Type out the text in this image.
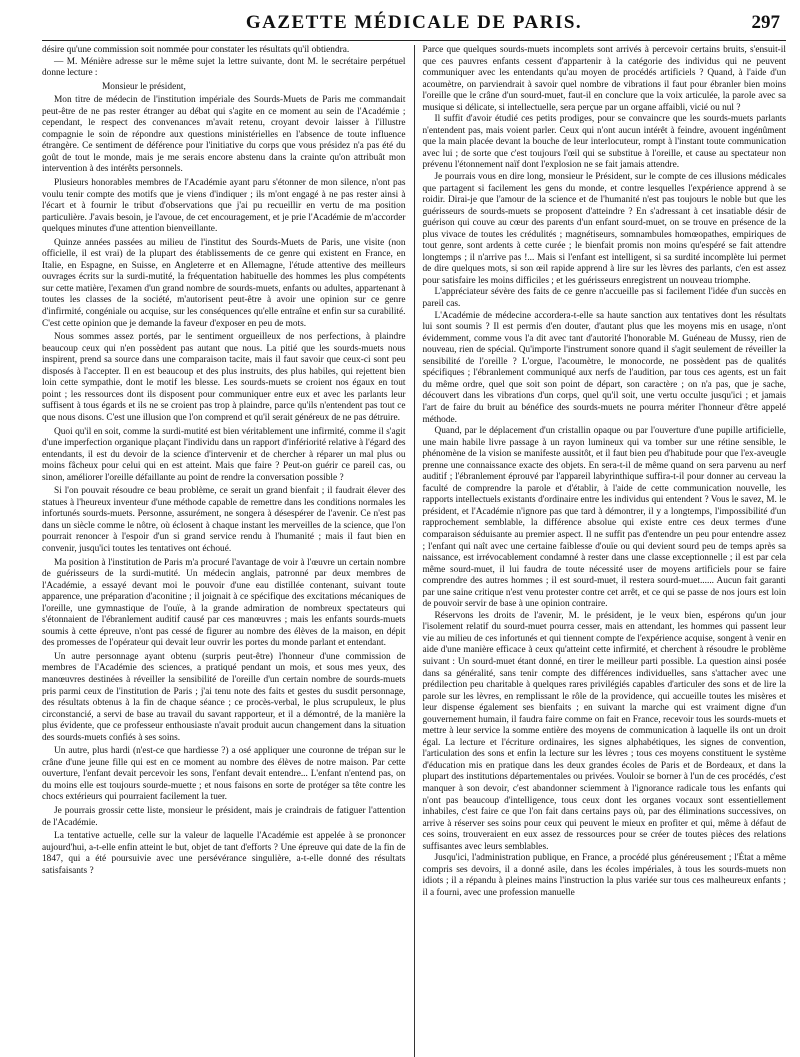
GAZETTE MÉDICALE DE PARIS.	297

désire qu'une commission soit nommée pour constater les résultats qu'il obtiendra.

— M. Ménière adresse sur le même sujet la lettre suivante, dont M. le secrétaire perpétuel donne lecture :

Monsieur le président,

Mon titre de médecin de l'institution impériale des Sourds-Muets de Paris me commandait peut-être de ne pas rester étranger au débat qui s'agite en ce moment au sein de l'Académie ; cependant, le respect des convenances m'avait retenu, croyant devoir laisser à l'illustre compagnie le soin de répondre aux questions ministérielles en l'absence de toute influence étrangère. Ce sentiment de déférence pour l'initiative du corps que vous présidez n'a pas été du goût de tout le monde, mais je me serais encore abstenu dans la crainte qu'on attribuât mon intervention à des intérêts personnels.

Plusieurs honorables membres de l'Académie ayant paru s'étonner de mon silence, n'ont pas voulu tenir compte des motifs que je viens d'indiquer ; ils m'ont engagé à ne pas rester ainsi à l'écart et à fournir le tribut d'observations que j'ai pu recueillir en vertu de ma position particulière. J'avais besoin, je l'avoue, de cet encouragement, et je prie l'Académie de m'accorder quelques minutes d'une attention bienveillante.

Quinze années passées au milieu de l'institut des Sourds-Muets de Paris, une visite (non officielle, il est vrai) de la plupart des établissements de ce genre qui existent en France, en Italie, en Espagne, en Suisse, en Angleterre et en Allemagne, l'étude attentive des meilleurs ouvrages écrits sur la surdi-mutité, la fréquentation habituelle des hommes les plus compétents sur cette matière, l'examen d'un grand nombre de sourds-muets, enfants ou adultes, appartenant à toutes les classes de la société, m'autorisent peut-être à avoir une opinion sur ce genre d'infirmité, congéniale ou acquise, sur les conséquences qu'elle entraîne et enfin sur sa curabilité. C'est cette opinion que je demande la faveur d'exposer en peu de mots.

Nous sommes assez portés, par le sentiment orgueilleux de nos perfections, à plaindre beaucoup ceux qui n'en possèdent pas autant que nous. La pitié que les sourds-muets nous inspirent, prend sa source dans une comparaison tacite, mais il faut savoir que ceux-ci sont peu disposés à l'accepter. Il en est beaucoup et des plus instruits, des plus habiles, qui rejettent bien loin cette sympathie, dont le motif les blesse. Les sourds-muets se croient nos égaux en tout point ; les ressources dont ils disposent pour communiquer entre eux et avec les parlants leur suffisent à tous égards et ils ne se croient pas trop à plaindre, parce qu'ils n'entendent pas tout ce que nous disons. C'est une illusion que l'on comprend et qu'il serait généreux de ne pas détruire.

Quoi qu'il en soit, comme la surdi-mutité est bien véritablement une infirmité, comme il s'agit d'une imperfection organique plaçant l'individu dans un rapport d'infériorité relative à l'égard des entendants, il est du devoir de la science d'intervenir et de chercher à réparer un mal plus ou moins fâcheux pour celui qui en est atteint. Mais que faire ? Peut-on guérir ce pareil cas, ou sinon, améliorer l'oreille défaillante au point de rendre la conversation possible ?

Si l'on pouvait résoudre ce beau problème, ce serait un grand bienfait ; il faudrait élever des statues à l'heureux inventeur d'une méthode capable de remettre dans les conditions normales les infortunés sourds-muets. Personne, assurément, ne songera à désespérer de l'avenir. Ce n'est pas dans un siècle comme le nôtre, où éclosent à chaque instant les merveilles de la science, que l'on pourrait renoncer à l'espoir d'un si grand service rendu à l'humanité ; mais il faut bien en convenir, jusqu'ici toutes les tentatives ont échoué.

Ma position à l'institution de Paris m'a procuré l'avantage de voir à l'œuvre un certain nombre de guérisseurs de la surdi-mutité. Un médecin anglais, patronné par deux membres de l'Académie, a essayé devant moi le pouvoir d'une eau distillée contenant, suivant toute apparence, une préparation d'aconitine ; il joignait à ce spécifique des excitations mécaniques de l'oreille, une gymnastique de l'ouïe, à la grande admiration de nombreux spectateurs qui s'étonnaient de l'ébranlement auditif causé par ces manœuvres ; mais les enfants sourds-muets soumis à cette épreuve, n'ont pas cessé de figurer au nombre des élèves de la maison, en dépit des promesses de l'opérateur qui devait leur ouvrir les portes du monde parlant et entendant.

Un autre personnage ayant obtenu (surpris peut-être) l'honneur d'une commission de membres de l'Académie des sciences, a pratiqué pendant un mois, et sous mes yeux, des manœuvres destinées à réveiller la sensibilité de l'oreille d'un certain nombre de sourds-muets pris parmi ceux de l'institution de Paris ; j'ai tenu note des faits et gestes du susdit personnage, des résultats obtenus à la fin de chaque séance ; ce procès-verbal, le plus scrupuleux, le plus circonstancié, a servi de base au travail du savant rapporteur, et il a démontré, de la manière la plus évidente, que ce professeur enthousiaste n'avait produit aucun changement dans la situation des sourds-muets confiés à ses soins.

Un autre, plus hardi (n'est-ce que hardiesse ?) a osé appliquer une couronne de trépan sur le crâne d'une jeune fille qui est en ce moment au nombre des élèves de notre maison. Par cette ouverture, l'enfant devait percevoir les sons, l'enfant devait entendre... L'enfant n'entend pas, on du moins elle est toujours sourde-muette ; et nous faisons en sorte de protéger sa tête contre les chocs extérieurs qui pourraient facilement la tuer.

Je pourrais grossir cette liste, monsieur le président, mais je craindrais de fatiguer l'attention de l'Académie.

La tentative actuelle, celle sur la valeur de laquelle l'Académie est appelée à se prononcer aujourd'hui, a-t-elle enfin atteint le but, objet de tant d'efforts ? Une épreuve qui date de la fin de 1847, qui a été poursuivie avec une persévérance singulière, a-t-elle donné des résultats satisfaisants ?

Parce que quelques sourds-muets incomplets sont arrivés à percevoir certains bruits, s'ensuit-il que ces pauvres enfants cessent d'appartenir à la catégorie des individus qui ne peuvent communiquer avec les entendants qu'au moyen de procédés artificiels ? Quand, à l'aide d'un acoumètre, on parviendrait à savoir quel nombre de vibrations il faut pour ébranler bien moins l'oreille que le crâne d'un sourd-muet, faut-il en conclure que la voix articulée, la parole avec sa musique si délicate, si intellectuelle, sera perçue par un organe affaibli, vicié ou nul ?

Il suffit d'avoir étudié ces petits prodiges, pour se convaincre que les sourds-muets parlants n'entendent pas, mais voient parler. Ceux qui n'ont aucun intérêt à feindre, avouent ingénûment que la main placée devant la bouche de leur interlocuteur, rompt à l'instant toute communication avec lui ; de sorte que c'est toujours l'œil qui se substitue à l'oreille, et cause au spectateur non prévenu l'étonnement naïf dont l'explosion ne se fait jamais attendre.

Je pourrais vous en dire long, monsieur le Président, sur le compte de ces illusions médicales que partagent si facilement les gens du monde, et contre lesquelles l'expérience apprend à se roidir. Dirai-je que l'amour de la science et de l'humanité n'est pas toujours le noble but que les guérisseurs de sourds-muets se proposent d'atteindre ? En s'adressant à cet insatiable désir de guérison qui couve au cœur des parents d'un enfant sourd-muet, on se trouve en présence de la plus vivace de toutes les crédulités ; magnétiseurs, somnambules homœopathes, empiriques de tout genre, sont ardents à cette curée ; le bienfait promis non moins qu'espéré se fait attendre longtemps ; il n'arrive pas !... Mais si l'enfant est intelligent, si sa surdité incomplète lui permet de dire quelques mots, si son œil rapide apprend à lire sur les lèvres des parlants, c'en est assez pour satisfaire les moins difficiles ; et les guérisseurs enregistrent un nouveau triomphe.

L'appréciateur sévère des faits de ce genre n'accueille pas si facilement l'idée d'un succès en pareil cas.

L'Académie de médecine accordera-t-elle sa haute sanction aux tentatives dont les résultats lui sont soumis ? Il est permis d'en douter, d'autant plus que les moyens mis en usage, n'ont évidemment, comme vous l'a dit avec tant d'autorité l'honorable M. Guéneau de Mussy, rien de nouveau, rien de spécial. Qu'importe l'instrument sonore quand il s'agit seulement de réveiller la sensibilité de l'oreille ? L'orgue, l'acoumètre, le monocorde, ne possèdent pas de qualités spécifiques ; l'ébranlement communiqué aux nerfs de l'audition, par tous ces agents, est un fait du même ordre, quel que soit son point de départ, son caractère ; on n'a pas, que je sache, découvert dans les vibrations d'un corps, quel qu'il soit, une vertu occulte jusqu'ici ; et jamais l'art de faire du bruit au bénéfice des sourds-muets ne pourra mériter l'honneur d'être appelé méthode.

Quand, par le déplacement d'un cristallin opaque ou par l'ouverture d'une pupille artificielle, une main habile livre passage à un rayon lumineux qui va tomber sur une rétine sensible, le phénomène de la vision se manifeste aussitôt, et il faut bien peu d'habitude pour que l'ex-aveugle prenne une connaissance exacte des objets. En sera-t-il de même quand on sera parvenu au nerf auditif ; l'ébranlement éprouvé par l'appareil labyrinthique suffira-t-il pour donner au cerveau la faculté de comprendre la parole et d'établir, à l'aide de cette communication nouvelle, les rapports intellectuels existants d'ordinaire entre les individus qui entendent ? Vous le savez, M. le président, et l'Académie n'ignore pas que tard à démontrer, il y a longtemps, l'impossibilité d'un rapprochement semblable, la différence absolue qui existe entre ces deux termes d'une comparaison séduisante au premier aspect. Il ne suffit pas d'entendre un peu pour entendre assez ; l'enfant qui naît avec une certaine faiblesse d'ouïe ou qui devient sourd peu de temps après sa naissance, est irrévocablement condamné à rester dans une classe exceptionnelle ; il est par cela même sourd-muet, il lui faudra de toute nécessité user de moyens artificiels pour se faire comprendre des autres hommes ; il est sourd-muet, il restera sourd-muet...... Aucun fait garanti par une saine critique n'est venu protester contre cet arrêt, et ce qui se passe de nos jours est loin de pouvoir servir de base à une opinion contraire.

Réservons les droits de l'avenir, M. le président, je le veux bien, espérons qu'un jour l'isolement relatif du sourd-muet pourra cesser, mais en attendant, les hommes qui passent leur vie au milieu de ces infortunés et qui tiennent compte de l'expérience acquise, songent à venir en aide d'une manière efficace à ceux qu'atteint cette infirmité, et cherchent à résoudre le problème suivant : Un sourd-muet étant donné, en tirer le meilleur parti possible. La question ainsi posée dans sa généralité, sans tenir compte des différences individuelles, sans s'attacher avec une prédilection peu charitable à quelques rares privilégiés capables d'articuler des sons et de lire la parole sur les lèvres, en remplissant le rôle de la providence, qui accueille toutes les misères et leur dispense également ses bienfaits ; en suivant la marche qui est vraiment digne d'un gouvernement humain, il faudra faire comme on fait en France, recevoir tous les sourds-muets et mettre à leur service la somme entière des moyens de communication à laquelle ils ont un droit égal. La lecture et l'écriture ordinaires, les signes alphabétiques, les signes de convention, l'articulation des sons et enfin la lecture sur les lèvres ; tous ces moyens constituent le système d'éducation mis en pratique dans les deux grandes écoles de Paris et de Bordeaux, et dans la plupart des institutions départementales ou privées. Vouloir se borner à l'un de ces procédés, c'est manquer à son devoir, c'est abandonner sciemment à l'ignorance radicale tous les enfants qui n'ont pas beaucoup d'intelligence, tous ceux dont les organes vocaux sont essentiellement inhabiles, c'est faire ce que l'on fait dans certains pays où, par des éliminations successives, on arrive à réserver ses soins pour ceux qui peuvent le mieux en profiter et qui, même à défaut de ces soins, trouveraient en eux assez de ressources pour se créer de toutes pièces des relations suffisantes avec leurs semblables.

Jusqu'ici, l'administration publique, en France, a procédé plus généreusement ; l'État a même compris ses devoirs, il a donné asile, dans les écoles impériales, à tous les sourds-muets non idiots ; il a répandu à pleines mains l'instruction la plus variée sur tous ces malheureux enfants ; il a fourni, avec une profession manuelle
